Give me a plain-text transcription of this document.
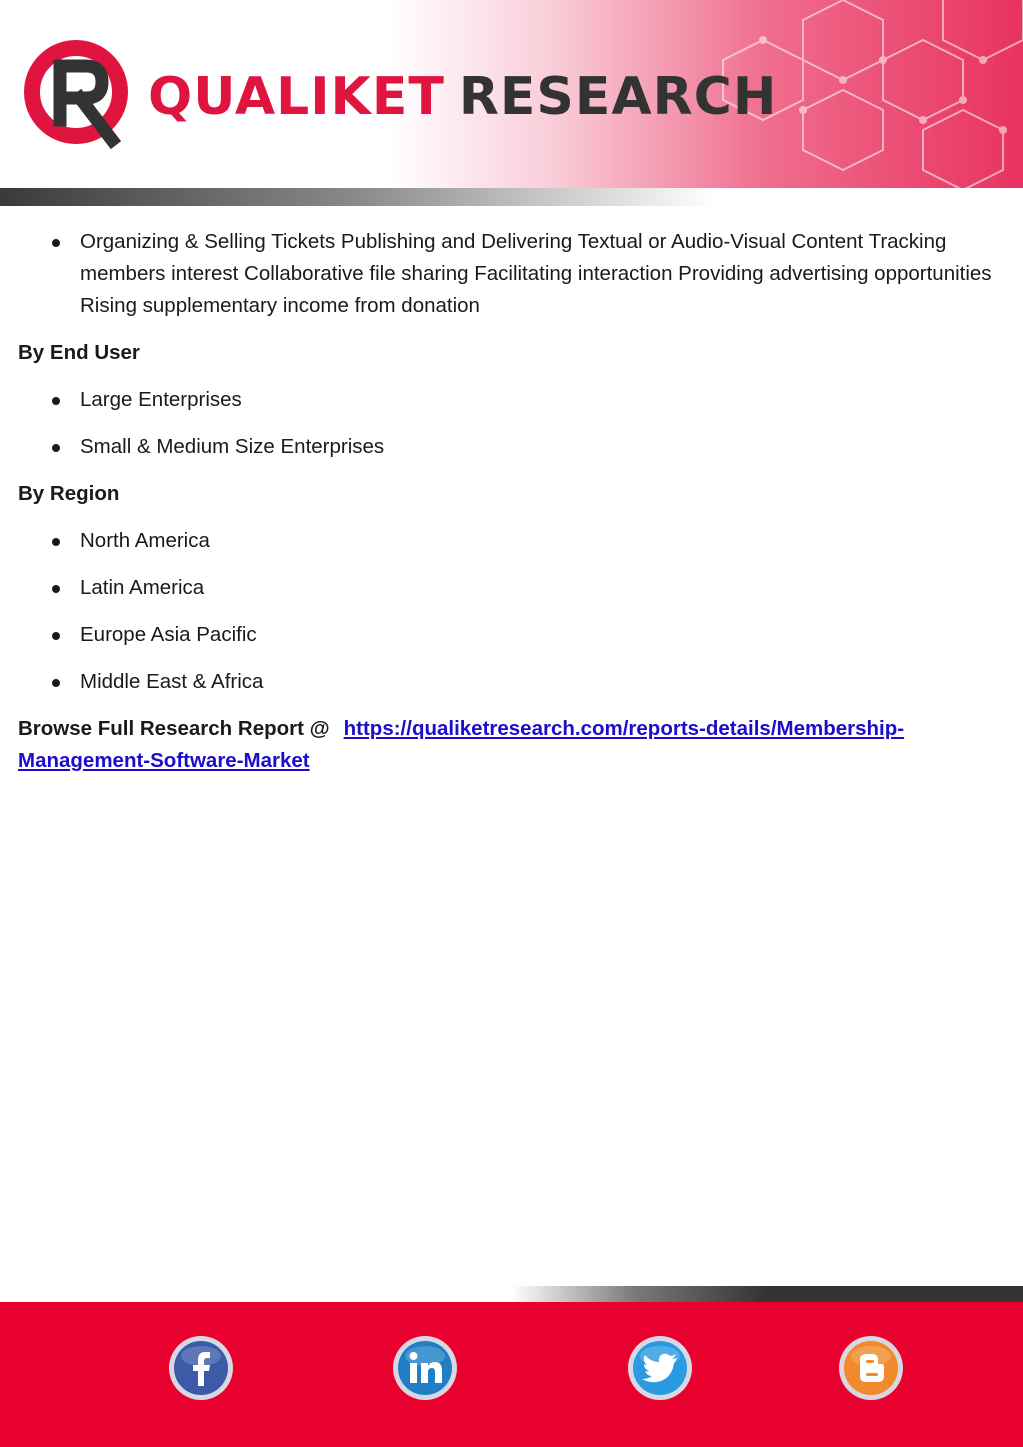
QUALIKET RESEARCH
Organizing & Selling Tickets Publishing and Delivering Textual or Audio-Visual Content Tracking members interest Collaborative file sharing Facilitating interaction Providing advertising opportunities Rising supplementary income from donation
By End User
Large Enterprises
Small & Medium Size Enterprises
By Region
North America
Latin America
Europe Asia Pacific
Middle East & Africa
Browse Full Research Report @ https://qualiketresearch.com/reports-details/Membership-Management-Software-Market
